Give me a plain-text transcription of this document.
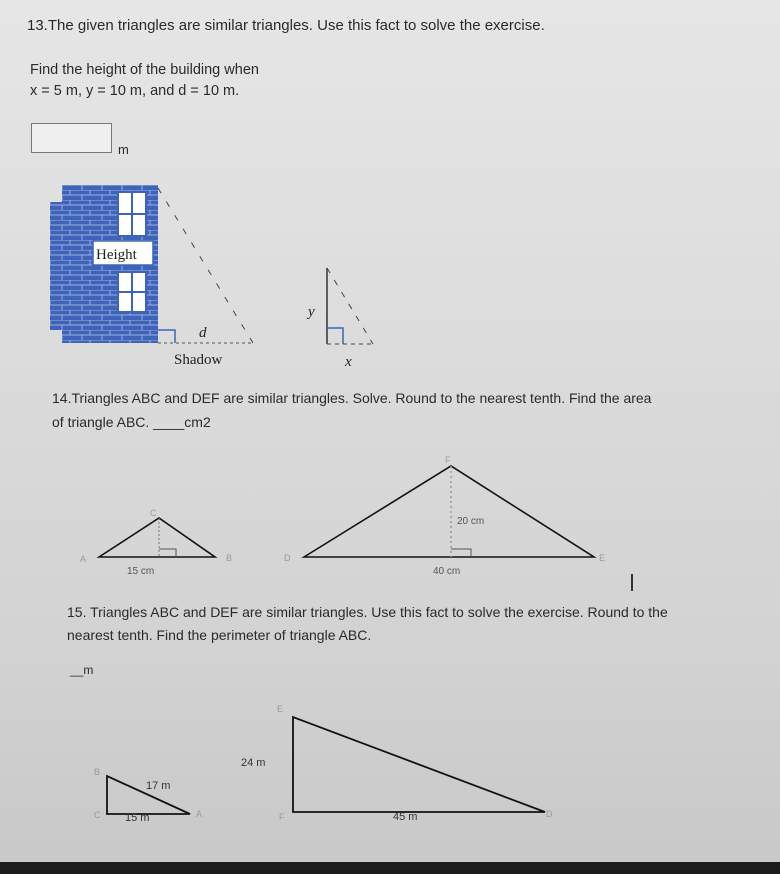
13.The given triangles are similar triangles. Use this fact to solve the exercise.
Find the height of the building when
x = 5 m, y = 10 m, and d = 10 m.
m
Height
d
Shadow
y
x
A
C
B
15 cm
D
F
E
20 cm
40 cm
B
C	A
17 m
15 m
E
F	D
24 m
45 m
14.Triangles ABC and DEF are similar triangles. Solve. Round to the nearest tenth. Find the area
of triangle ABC. ____cm2
15. Triangles ABC and DEF are similar triangles. Use this fact to solve the exercise. Round to the
nearest tenth. Find the perimeter of triangle ABC.
__m
